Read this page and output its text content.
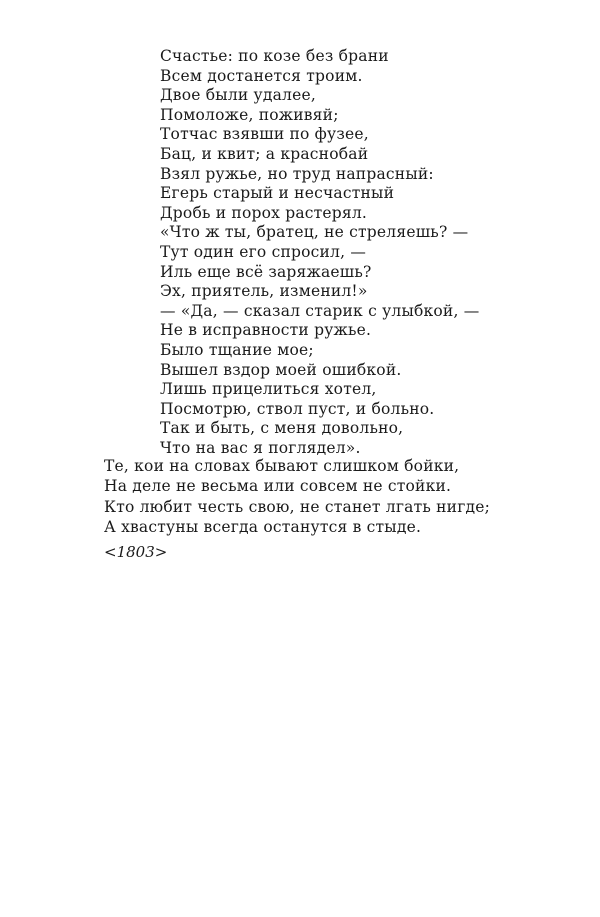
Счастье: по козе без брани
Всем достанется троим.
Двое были удалее,
Помоложе, поживяй;
Тотчас взявши по фузее,
Бац, и квит; а краснобай
Взял ружье, но труд напрасный:
Егерь старый и несчастный
Дробь и порох растерял.
«Что ж ты, братец, не стреляешь? —
Тут один его спросил, —
Иль еще всё заряжаешь?
Эх, приятель, изменил!»
— «Да, — сказал старик с улыбкой, —
Не в исправности ружье.
Было тщание мое;
Вышел вздор моей ошибкой.
Лишь прицелиться хотел,
Посмотрю, ствол пуст, и больно.
Так и быть, с меня довольно,
Что на вас я поглядел».
Те, кои на словах бывают слишком бойки,
На деле не весьма или совсем не стойки.
Кто любит честь свою, не станет лгать нигде;
А хвастуны всегда останутся в стыде.
<1803>
